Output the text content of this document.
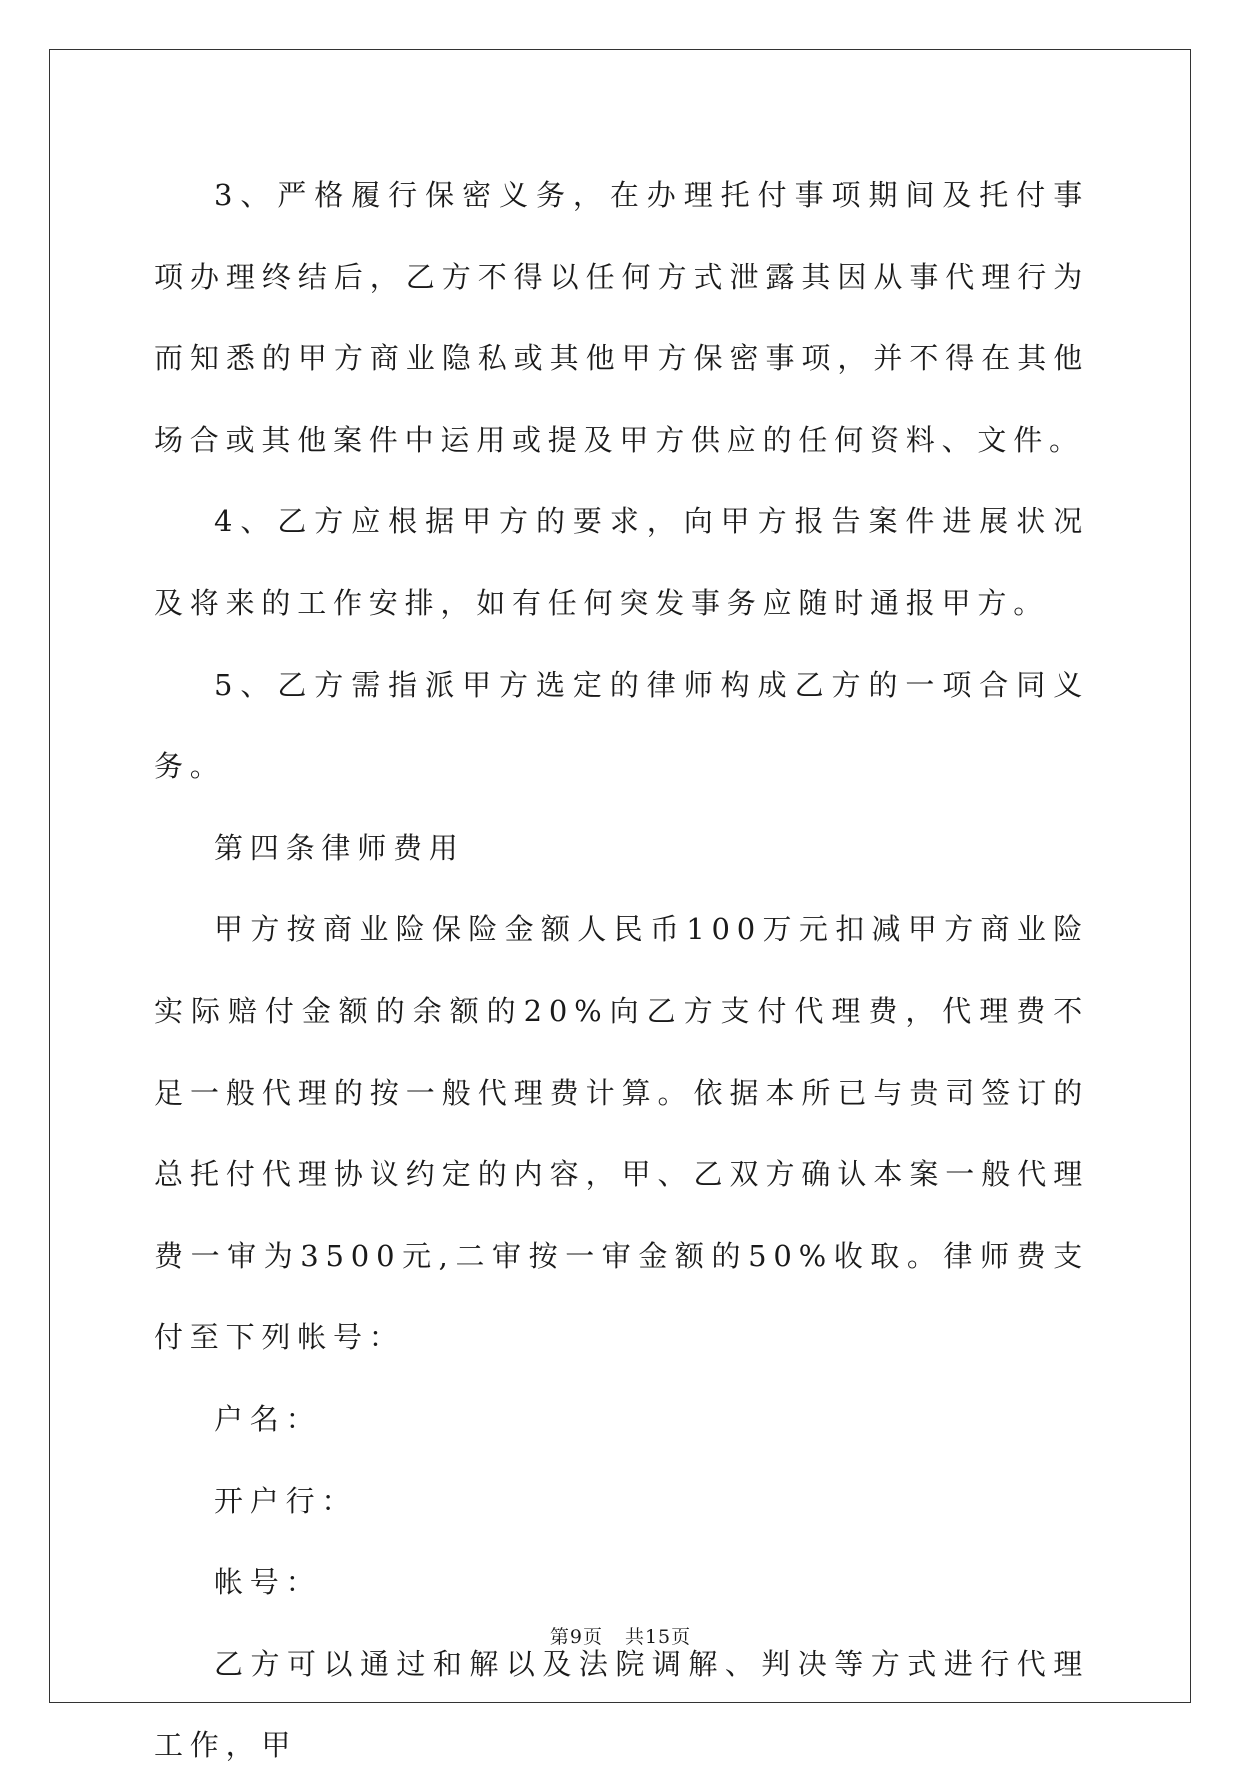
3、严格履行保密义务，在办理托付事项期间及托付事项办理终结后，乙方不得以任何方式泄露其因从事代理行为而知悉的甲方商业隐私或其他甲方保密事项，并不得在其他场合或其他案件中运用或提及甲方供应的任何资料、文件。

4、乙方应根据甲方的要求，向甲方报告案件进展状况及将来的工作安排，如有任何突发事务应随时通报甲方。

5、乙方需指派甲方选定的律师构成乙方的一项合同义务。

第四条律师费用

甲方按商业险保险金额人民币100万元扣减甲方商业险实际赔付金额的余额的20%向乙方支付代理费，代理费不足一般代理的按一般代理费计算。依据本所已与贵司签订的总托付代理协议约定的内容，甲、乙双方确认本案一般代理费一审为3500元,二审按一审金额的50%收取。律师费支付至下列帐号：

户名：

开户行：

帐号：

乙方可以通过和解以及法院调解、判决等方式进行代理工作，甲

第9页 共15页
